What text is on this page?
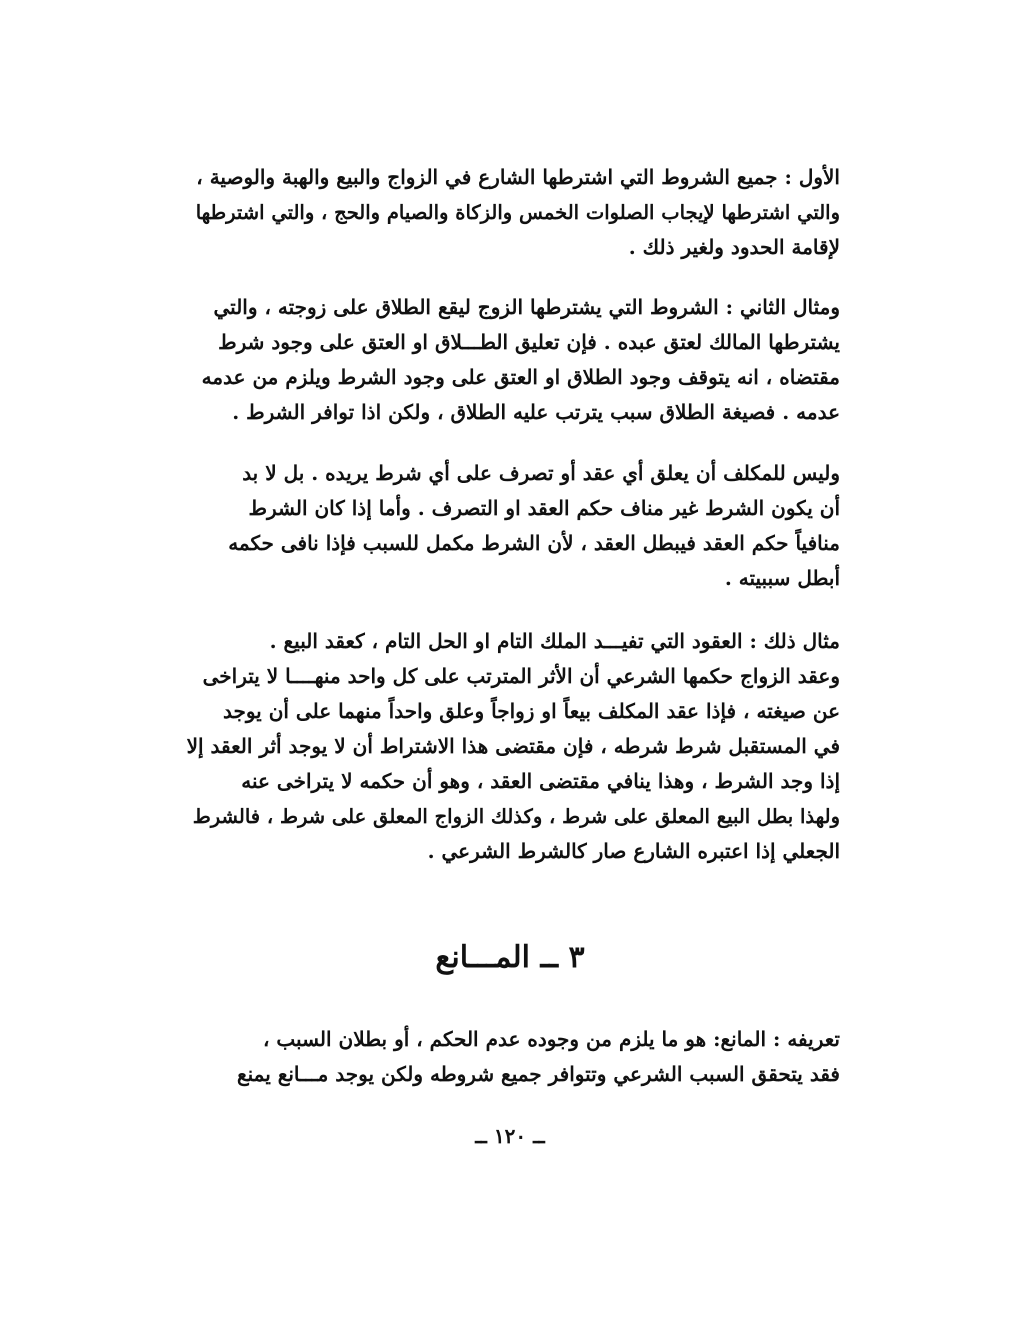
الأول : جميع الشروط التي اشترطها الشارع في الزواج والبيع والهبة والوصية ،
والتي اشترطها لإيجاب الصلوات الخمس والزكاة والصيام والحج ، والتي اشترطها
لإقامة الحدود ولغير ذلك .
ومثال الثاني : الشروط التي يشترطها الزوج ليقع الطلاق على زوجته ، والتي
يشترطها المالك لعتق عبده . فإن تعليق الطـــلاق او العتق على وجود شرط
مقتضاه ، انه يتوقف وجود الطلاق او العتق على وجود الشرط ويلزم من عدمه
عدمه . فصيغة الطلاق سبب يترتب عليه الطلاق ، ولكن اذا توافر الشرط .
وليس للمكلف أن يعلق أي عقد أو تصرف على أي شرط يريده . بل لا بد
أن يكون الشرط غير مناف حكم العقد او التصرف . وأما إذا كان الشرط
منافياً حكم العقد فيبطل العقد ، لأن الشرط مكمل للسبب فإذا نافى حكمه
أبطل سببيته .
مثال ذلك : العقود التي تفيـــد الملك التام او الحل التام ، كعقد البيع .
وعقد الزواج حكمها الشرعي أن الأثر المترتب على كل واحد منهــــا لا يتراخى
عن صيغته ، فإذا عقد المكلف بيعاً او زواجاً وعلق واحداً منهما على أن يوجد
في المستقبل شرط شرطه ، فإن مقتضى هذا الاشتراط أن لا يوجد أثر العقد إلا
إذا وجد الشرط ، وهذا ينافي مقتضى العقد ، وهو أن حكمه لا يتراخى عنه
ولهذا بطل البيع المعلق على شرط ، وكذلك الزواج المعلق على شرط ، فالشرط
الجعلي إذا اعتبره الشارع صار كالشرط الشرعي .
٣ ــ المـــانع
تعريفه : المانع: هو ما يلزم من وجوده عدم الحكم ، أو بطلان السبب ،
فقد يتحقق السبب الشرعي وتتوافر جميع شروطه ولكن يوجد مـــانع يمنع
ــ ١٢٠ ــ
